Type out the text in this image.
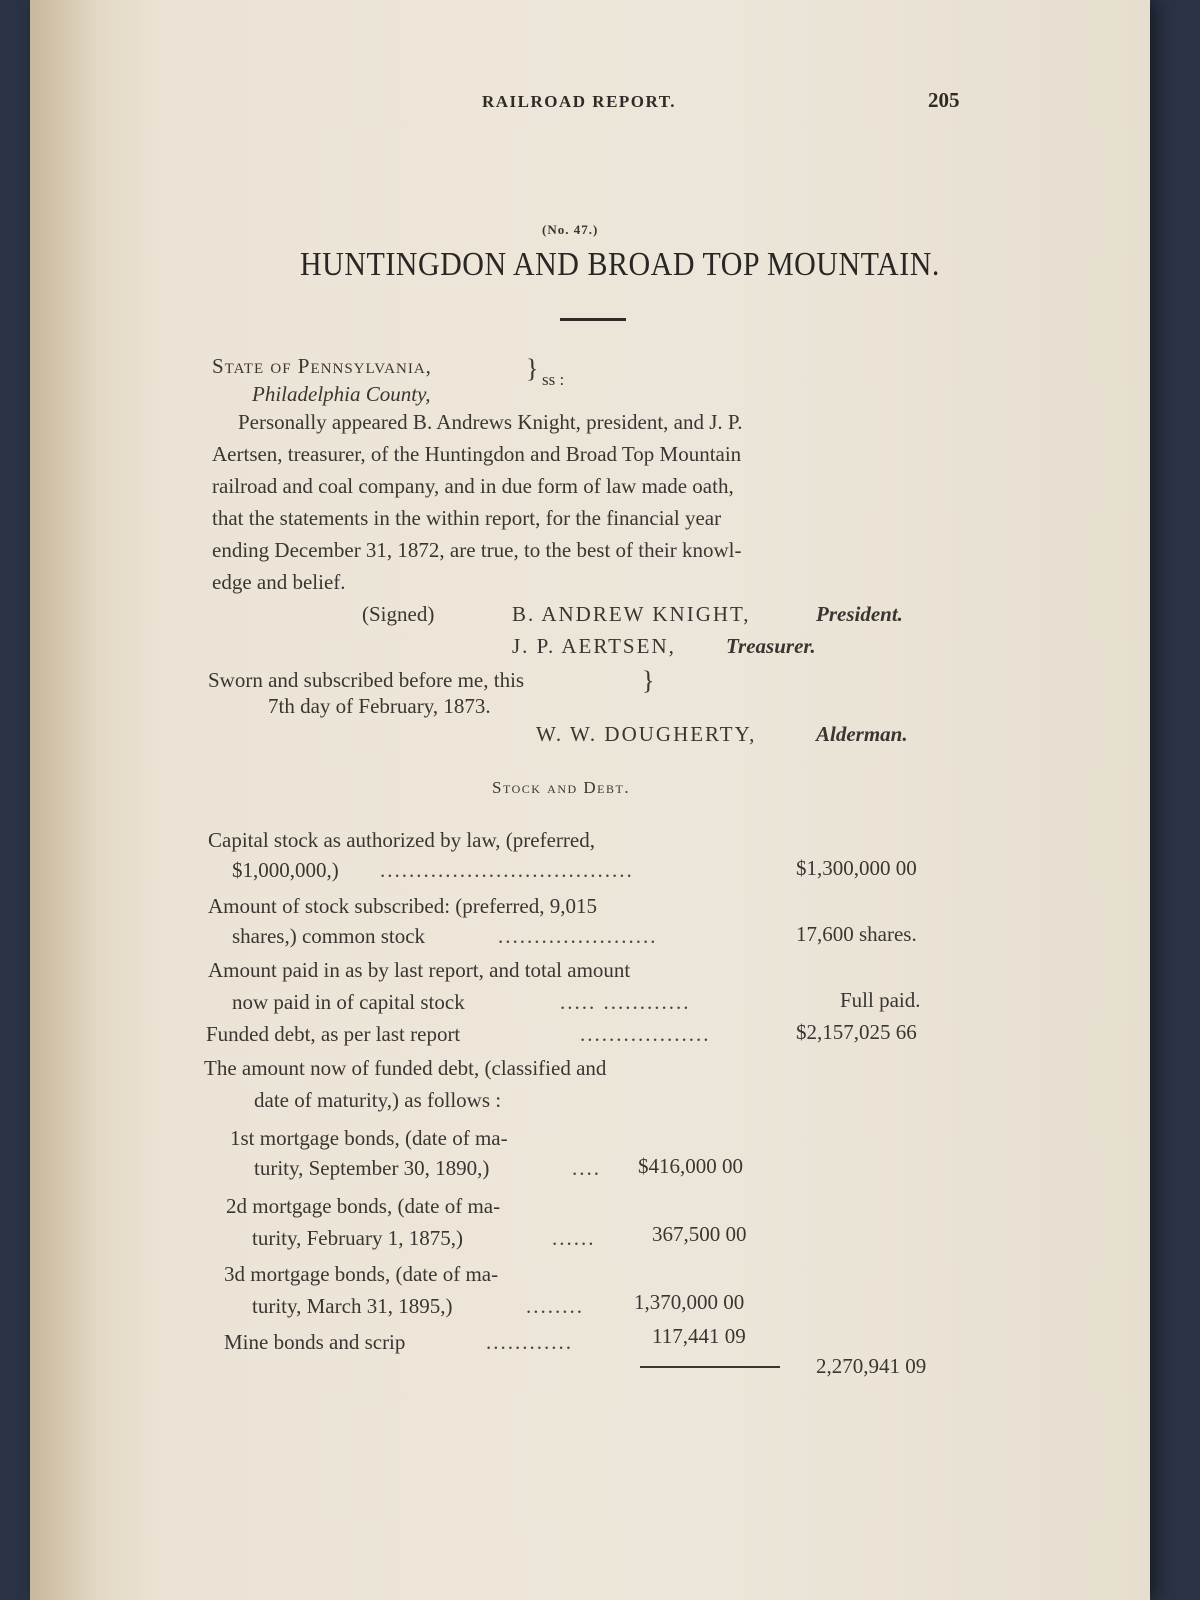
RAILROAD REPORT.	205
(No. 47.)
HUNTINGDON AND BROAD TOP MOUNTAIN.
State of Pennsylvania,
Philadelphia County,
} ss :
Personally appeared B. Andrews Knight, president, and J. P.
Aertsen, treasurer, of the Huntingdon and Broad Top Mountain
railroad and coal company, and in due form of law made oath,
that the statements in the within report, for the financial year
ending December 31, 1872, are true, to the best of their knowl-
edge and belief.
(Signed)	B. ANDREW KNIGHT,	President.
J. P. AERTSEN, Treasurer.
Sworn and subscribed before me, this
7th day of February, 1873.
}
W. W. DOUGHERTY,	Alderman.
Stock and Debt.
Capital stock as authorized by law, (preferred,
$1,000,000,) ...................................	$1,300,000 00
Amount of stock subscribed: (preferred, 9,015
shares,) common stock	......................	17,600 shares.
Amount paid in as by last report, and total amount
now paid in of capital stock	..... ............	Full paid.
Funded debt, as per last report	..................	$2,157,025 66
The amount now of funded debt, (classified and
date of maturity,) as follows :
1st mortgage bonds, (date of ma-
turity, September 30, 1890,)	.... $416,000 00
2d mortgage bonds, (date of ma-
turity, February 1, 1875,)	......	367,500 00
3d mortgage bonds, (date of ma-
turity, March 31, 1895,)	........ 1,370,000 00
Mine bonds and scrip	............	117,441 09
2,270,941 09
